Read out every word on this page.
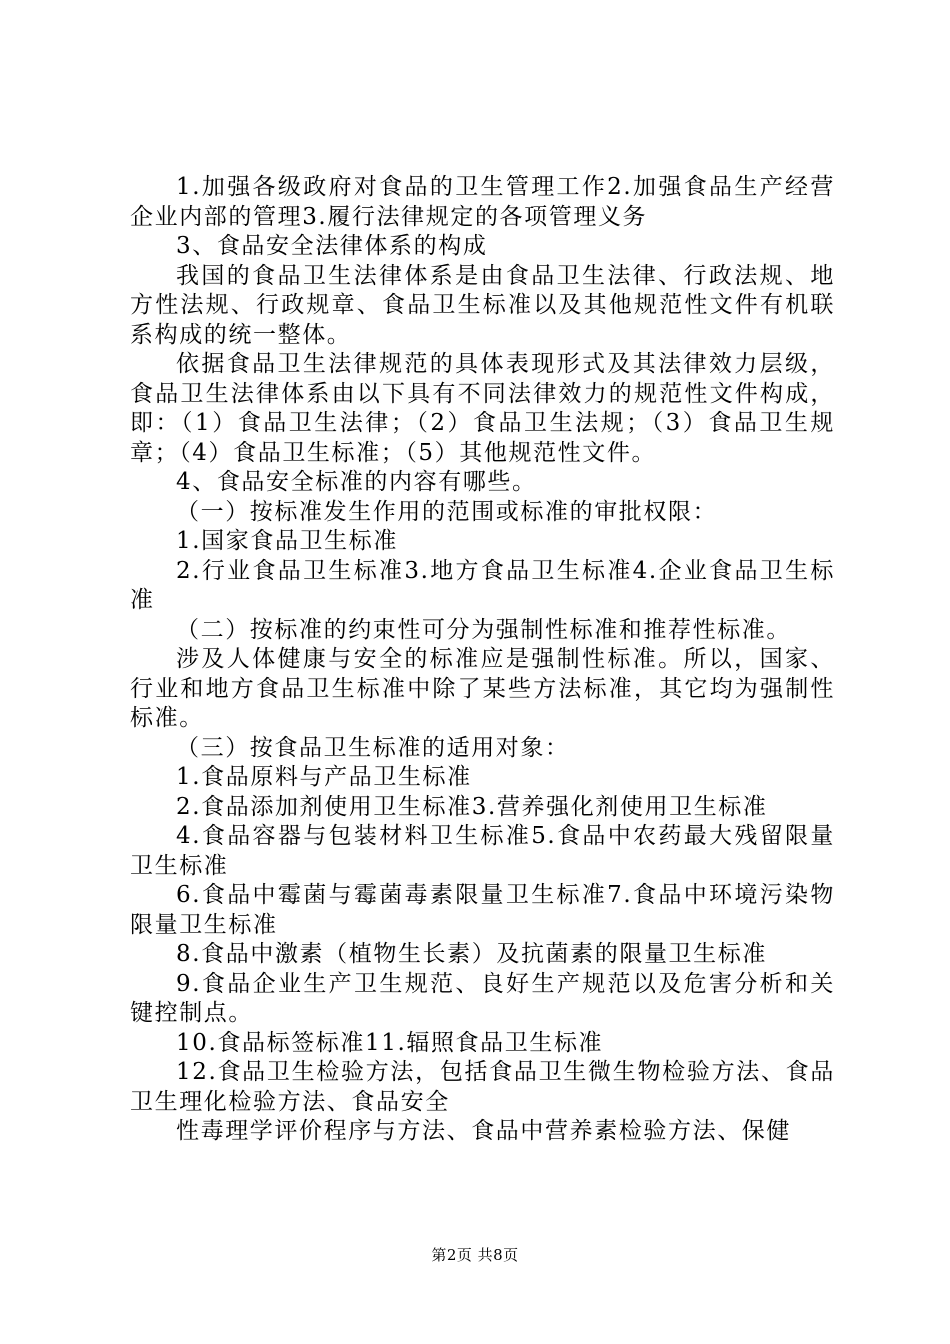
1.加强各级政府对食品的卫生管理工作2.加强食品生产经营企业内部的管理3.履行法律规定的各项管理义务

3、食品安全法律体系的构成

我国的食品卫生法律体系是由食品卫生法律、行政法规、地方性法规、行政规章、食品卫生标准以及其他规范性文件有机联系构成的统一整体。

依据食品卫生法律规范的具体表现形式及其法律效力层级，食品卫生法律体系由以下具有不同法律效力的规范性文件构成，即：（1）食品卫生法律；（2）食品卫生法规；（3）食品卫生规章；（4）食品卫生标准；（5）其他规范性文件。

4、食品安全标准的内容有哪些。

（一）按标准发生作用的范围或标准的审批权限：

1.国家食品卫生标准

2.行业食品卫生标准3.地方食品卫生标准4.企业食品卫生标准

（二）按标准的约束性可分为强制性标准和推荐性标准。

涉及人体健康与安全的标准应是强制性标准。所以，国家、行业和地方食品卫生标准中除了某些方法标准，其它均为强制性标准。

（三）按食品卫生标准的适用对象：

1.食品原料与产品卫生标准

2.食品添加剂使用卫生标准3.营养强化剂使用卫生标准

4.食品容器与包装材料卫生标准5.食品中农药最大残留限量卫生标准

6.食品中霉菌与霉菌毒素限量卫生标准7.食品中环境污染物限量卫生标准

8.食品中激素（植物生长素）及抗菌素的限量卫生标准

9.食品企业生产卫生规范、良好生产规范以及危害分析和关键控制点。

10.食品标签标准11.辐照食品卫生标准

12.食品卫生检验方法，包括食品卫生微生物检验方法、食品卫生理化检验方法、食品安全

性毒理学评价程序与方法、食品中营养素检验方法、保健

第2页 共8页
